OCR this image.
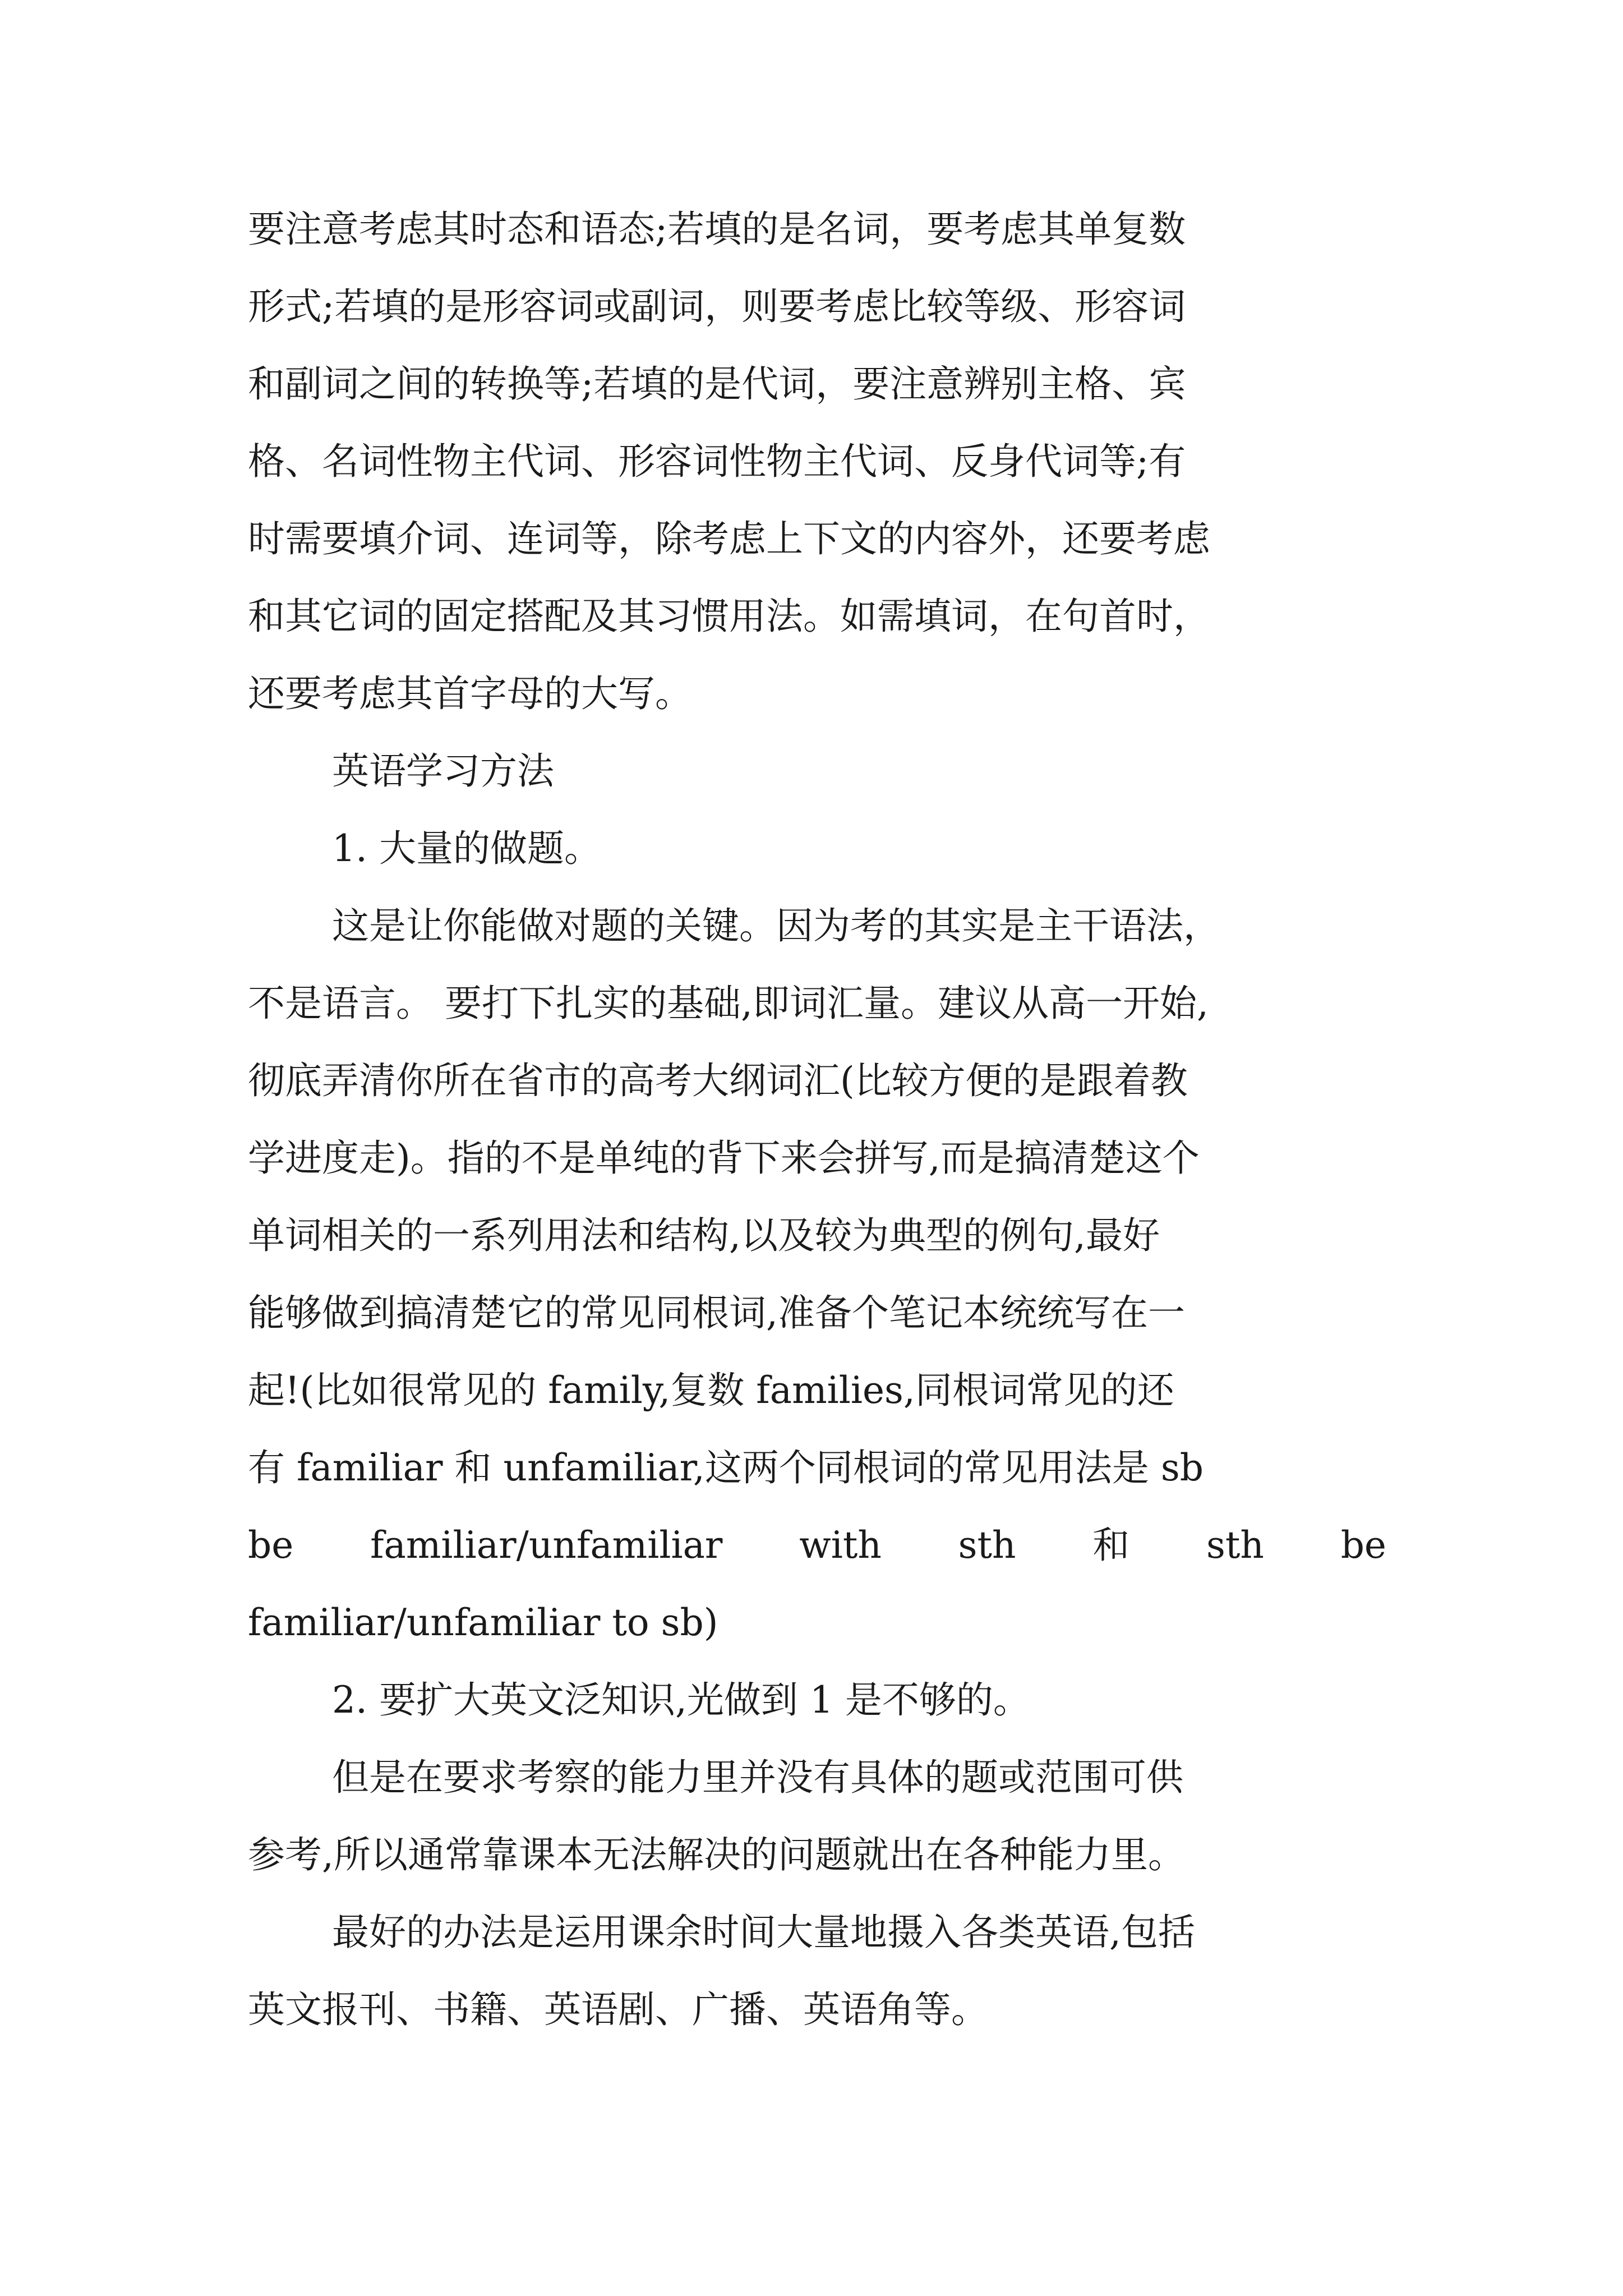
要注意考虑其时态和语态;若填的是名词，要考虑其单复数
形式;若填的是形容词或副词，则要考虑比较等级、形容词
和副词之间的转换等;若填的是代词，要注意辨别主格、宾
格、名词性物主代词、形容词性物主代词、反身代词等;有
时需要填介词、连词等，除考虑上下文的内容外，还要考虑
和其它词的固定搭配及其习惯用法。如需填词，在句首时，
还要考虑其首字母的大写。
英语学习方法
1. 大量的做题。
这是让你能做对题的关键。因为考的其实是主干语法，
不是语言。 要打下扎实的基础,即词汇量。建议从高一开始,
彻底弄清你所在省市的高考大纲词汇(比较方便的是跟着教
学进度走)。指的不是单纯的背下来会拼写,而是搞清楚这个
单词相关的一系列用法和结构,以及较为典型的例句,最好
能够做到搞清楚它的常见同根词,准备个笔记本统统写在一
起!(比如很常见的 family,复数 families,同根词常见的还
有 familiar 和 unfamiliar,这两个同根词的常见用法是 sb
be familiar/unfamiliar with sth 和 sth be
familiar/unfamiliar to sb)
2. 要扩大英文泛知识,光做到 1 是不够的。
但是在要求考察的能力里并没有具体的题或范围可供
参考,所以通常靠课本无法解决的问题就出在各种能力里。
最好的办法是运用课余时间大量地摄入各类英语,包括
英文报刊、书籍、英语剧、广播、英语角等。
